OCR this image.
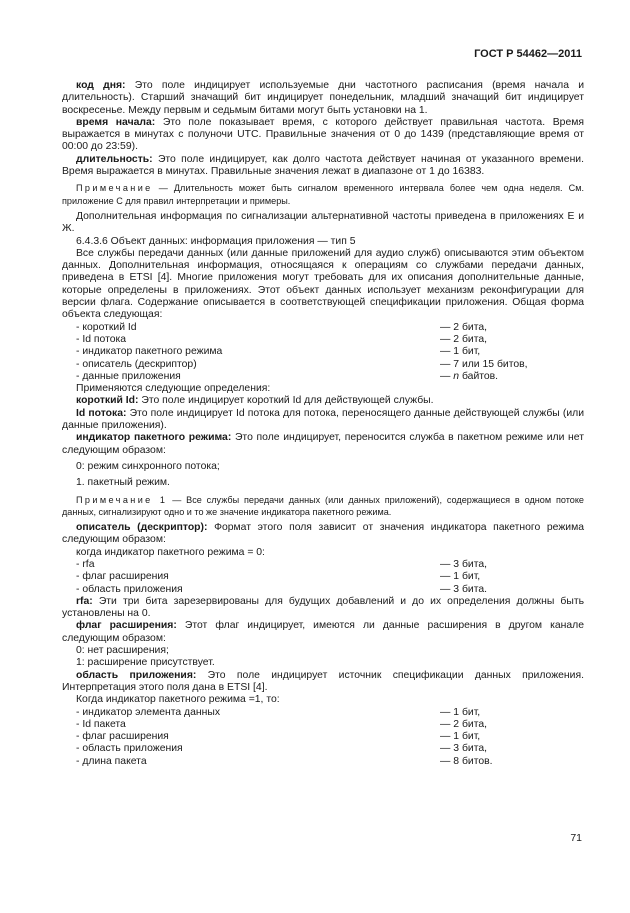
ГОСТ Р 54462—2011

код дня: Это поле индицирует используемые дни частотного расписания (время начала и длительность). Старший значащий бит индицирует понедельник, младший значащий бит индицирует воскресенье. Между первым и седьмым битами могут быть установки на 1.

время начала: Это поле показывает время, с которого действует правильная частота. Время выражается в минутах с полуночи UTC. Правильные значения от 0 до 1439 (представляющие время от 00:00 до 23:59).

длительность: Это поле индицирует, как долго частота действует начиная от указанного времени. Время выражается в минутах. Правильные значения лежат в диапазоне от 1 до 16383.

Примечание — Длительность может быть сигналом временного интервала более чем одна неделя. См. приложение C для правил интерпретации и примеры.

Дополнительная информация по сигнализации альтернативной частоты приведена в приложениях Е и Ж.

6.4.3.6 Объект данных: информация приложения — тип 5

Все службы передачи данных (или данные приложений для аудио служб) описываются этим объектом данных. Дополнительная информация, относящаяся к операциям со службами передачи данных, приведена в ETSI [4]. Многие приложения могут требовать для их описания дополнительные данные, которые определены в приложениях. Этот объект данных использует механизм реконфигурации для версии флага. Содержание описывается в соответствующей спецификации приложения. Общая форма объекта следующая:

- короткий Id	— 2 бита,
- Id потока	— 2 бита,
- индикатор пакетного режима	— 1 бит,
- описатель (дескриптор)	— 7 или 15 битов,
- данные приложения	— n байтов.

Применяются следующие определения:

короткий Id: Это поле индицирует короткий Id для действующей службы.

Id потока: Это поле индицирует Id потока для потока, переносящего данные действующей службы (или данные приложения).

индикатор пакетного режима: Это поле индицирует, переносится служба в пакетном режиме или нет следующим образом:

0: режим синхронного потока;

1. пакетный режим.

Примечание 1 — Все службы передачи данных (или данных приложений), содержащиеся в одном потоке данных, сигнализируют одно и то же значение индикатора пакетного режима.

описатель (дескриптор): Формат этого поля зависит от значения индикатора пакетного режима следующим образом:

когда индикатор пакетного режима = 0:

- rfa	— 3 бита,
- флаг расширения	— 1 бит,
- область приложения	— 3 бита.

rfa: Эти три бита зарезервированы для будущих добавлений и до их определения должны быть установлены на 0.

флаг расширения: Этот флаг индицирует, имеются ли данные расширения в другом канале следующим образом:

0: нет расширения;

1: расширение присутствует.

область приложения: Это поле индицирует источник спецификации данных приложения. Интерпретация этого поля дана в ETSI [4].

Когда индикатор пакетного режима =1, то:

- индикатор элемента данных	— 1 бит,
- Id пакета	— 2 бита,
- флаг расширения	— 1 бит,
- область приложения	— 3 бита,
- длина пакета	— 8 битов.
71
